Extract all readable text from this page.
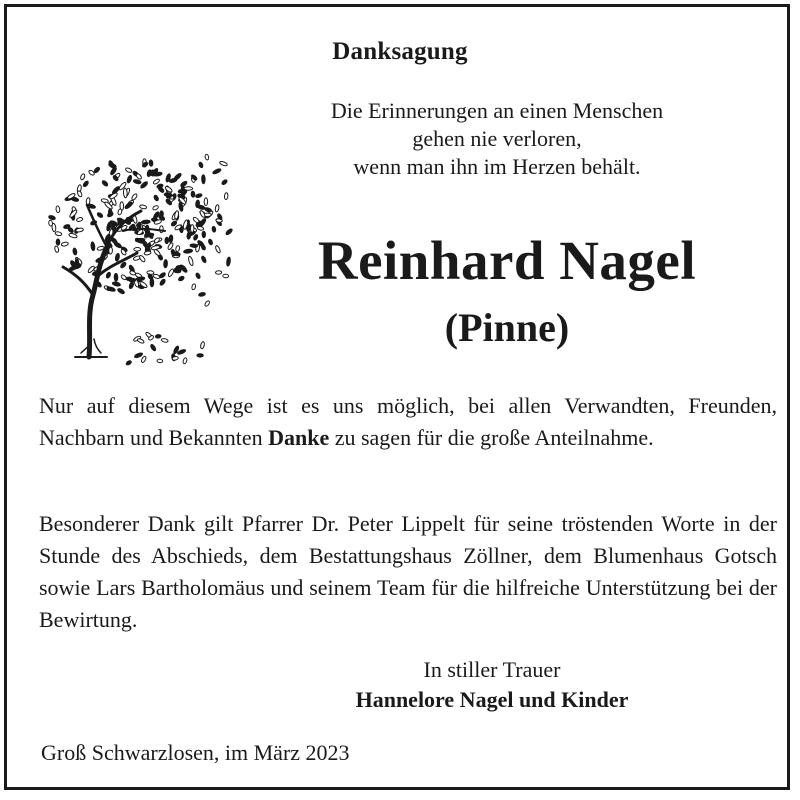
Danksagung
Die Erinnerungen an einen Menschen
gehen nie verloren,
wenn man ihn im Herzen behält.
Reinhard Nagel
(Pinne)

Nur auf diesem Wege ist es uns möglich, bei allen Verwandten, Freunden, Nachbarn und Bekannten Danke zu sagen für die große Anteilnahme.

Besonderer Dank gilt Pfarrer Dr. Peter Lippelt für seine tröstenden Worte in der Stunde des Abschieds, dem Bestattungshaus Zöllner, dem Blumenhaus Gotsch sowie Lars Bartholomäus und seinem Team für die hilfreiche Unterstützung bei der Bewirtung.

In stiller Trauer
Hannelore Nagel und Kinder
Groß Schwarzlosen, im März 2023
